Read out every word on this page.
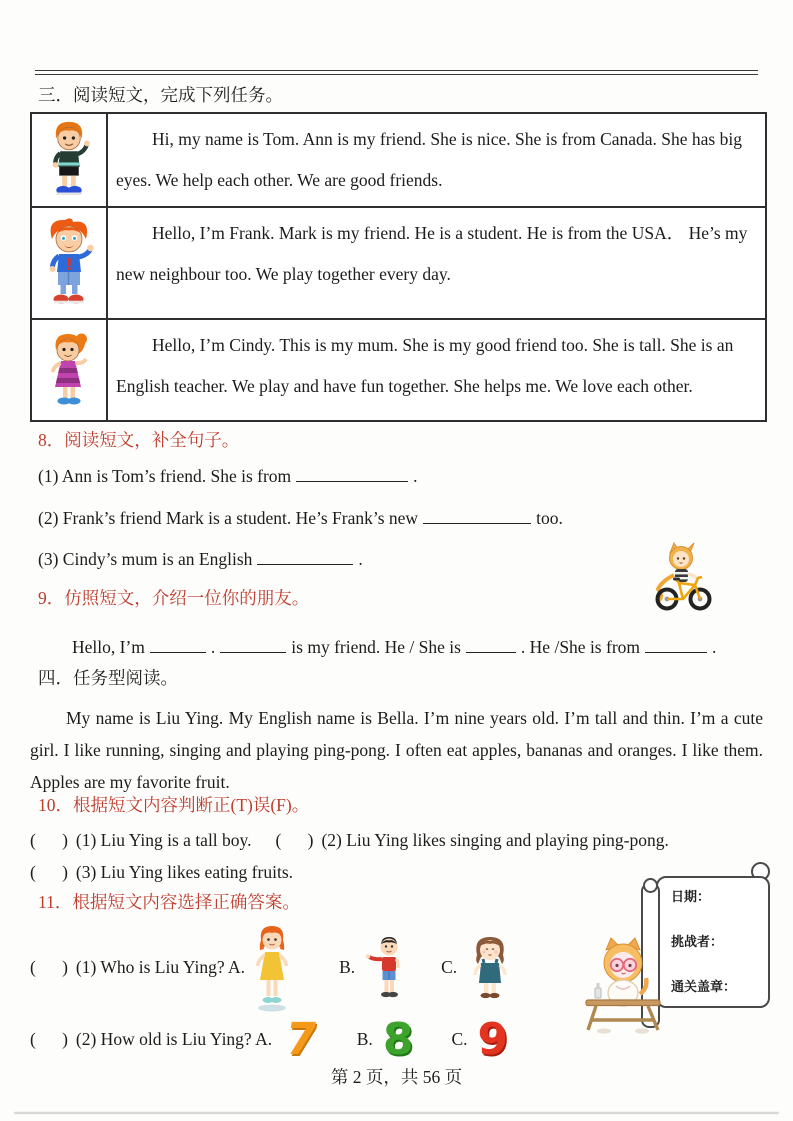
三．阅读短文，完成下列任务。
Hi, my name is Tom. Ann is my friend. She is nice. She is from Canada. She has big eyes. We help each other. We are good friends.
Hello, I’m Frank. Mark is my friend. He is a student. He is from the USA． He’s my new neighbour too. We play together every day.
Hello, I’m Cindy. This is my mum. She is my good friend too. She is tall. She is an English teacher. We play and have fun together. She helps me. We love each other.
8．阅读短文，补全句子。
(1) Ann is Tom’s friend. She is from	.
(2) Frank’s friend Mark is a student. He’s Frank’s new	too.
(3) Cindy’s mum is an English	.
9．仿照短文，介绍一位你的朋友。
Hello, I’m	.	is my friend. He / She is	. He /She is from	.
四．任务型阅读。
My name is Liu Ying. My English name is Bella. I’m nine years old. I’m tall and thin. I’m a cute girl. I like running, singing and playing ping-pong. I often eat apples, bananas and oranges. I like them. Apples are my favorite fruit.
10．根据短文内容判断正(T)误(F)。
(      ) (1) Liu Ying is a tall boy. (      ) (2) Liu Ying likes singing and playing ping-pong.
(      ) (3) Liu Ying likes eating fruits.
11．根据短文内容选择正确答案。
(      ) (1) Who is Liu Ying? A.	B.	C.
(      ) (2) How old is Liu Ying? A. 7 B. 8 C. 9
日期：
挑战者：
通关盖章：
第 2 页，共 56 页
